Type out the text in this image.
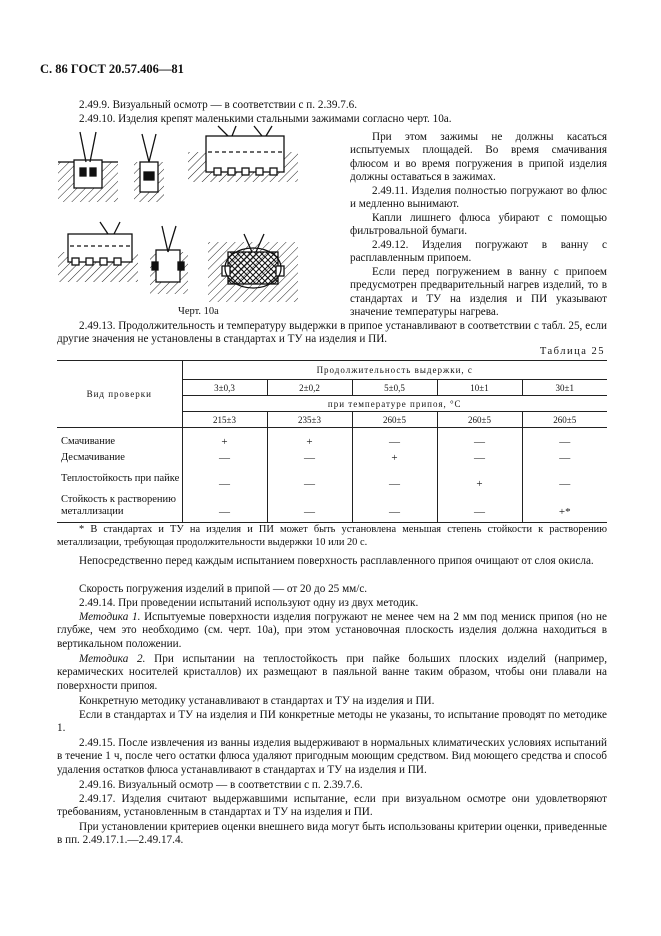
С. 86 ГОСТ 20.57.406—81

2.49.9. Визуальный осмотр — в соответствии с п. 2.39.7.6.

2.49.10. Изделия крепят маленькими стальными зажимами согласно черт. 10а.

Черт. 10а

При этом зажимы не должны касаться испытуемых площадей. Во время смачивания флюсом и во время погружения в припой изделия должны оставаться в зажимах.

2.49.11. Изделия полностью погружают во флюс и медленно вынимают.

Капли лишнего флюса убирают с помощью фильтровальной бумаги.

2.49.12. Изделия погружают в ванну с расплавленным припоем.

Если перед погружением в ванну с припоем предусмотрен предварительный нагрев изделий, то в стандартах и ТУ на изделия и ПИ указывают значение температуры нагрева.

2.49.13. Продолжительность и температуру выдержки в припое устанавливают в соответствии с табл. 25, если другие значения не установлены в стандартах и ТУ на изделия и ПИ.

Таблица 25
Вид проверки	Продолжительность выдержки, с				
	3±0,3	2±0,2	5±0,5	10±1	30±1
	при температуре припоя, °С				
	215±3	235±3	260±5	260±5	260±5
Смачивание	+	+	—	—	—
Десмачивание	—	—	+	—	—
Теплостойкость при пайке	—	—	—	+	—
Стойкость к растворению металлизации	—	—	—	—	+*

* В стандартах и ТУ на изделия и ПИ может быть установлена меньшая степень стойкости к растворению металлизации, требующая продолжительности выдержки 10 или 20 с.

Непосредственно перед каждым испытанием поверхность расплавленного припоя очищают от слоя окисла.

Скорость погружения изделий в припой — от 20 до 25 мм/с.

2.49.14. При проведении испытаний используют одну из двух методик.

Методика 1. Испытуемые поверхности изделия погружают не менее чем на 2 мм под мениск припоя (но не глубже, чем это необходимо (см. черт. 10а), при этом установочная плоскость изделия должна находиться в вертикальном положении.

Методика 2. При испытании на теплостойкость при пайке больших плоских изделий (например, керамических носителей кристаллов) их размещают в паяльной ванне таким образом, чтобы они плавали на поверхности припоя.

Конкретную методику устанавливают в стандартах и ТУ на изделия и ПИ.

Если в стандартах и ТУ на изделия и ПИ конкретные методы не указаны, то испытание проводят по методике 1.

2.49.15. После извлечения из ванны изделия выдерживают в нормальных климатических условиях испытаний в течение 1 ч, после чего остатки флюса удаляют пригодным моющим средством. Вид моющего средства и способ удаления остатков флюса устанавливают в стандартах и ТУ на изделия и ПИ.

2.49.16. Визуальный осмотр — в соответствии с п. 2.39.7.6.

2.49.17. Изделия считают выдержавшими испытание, если при визуальном осмотре они удовлетворяют требованиям, установленным в стандартах и ТУ на изделия и ПИ.

При установлении критериев оценки внешнего вида могут быть использованы критерии оценки, приведенные в пп. 2.49.17.1.—2.49.17.4.
